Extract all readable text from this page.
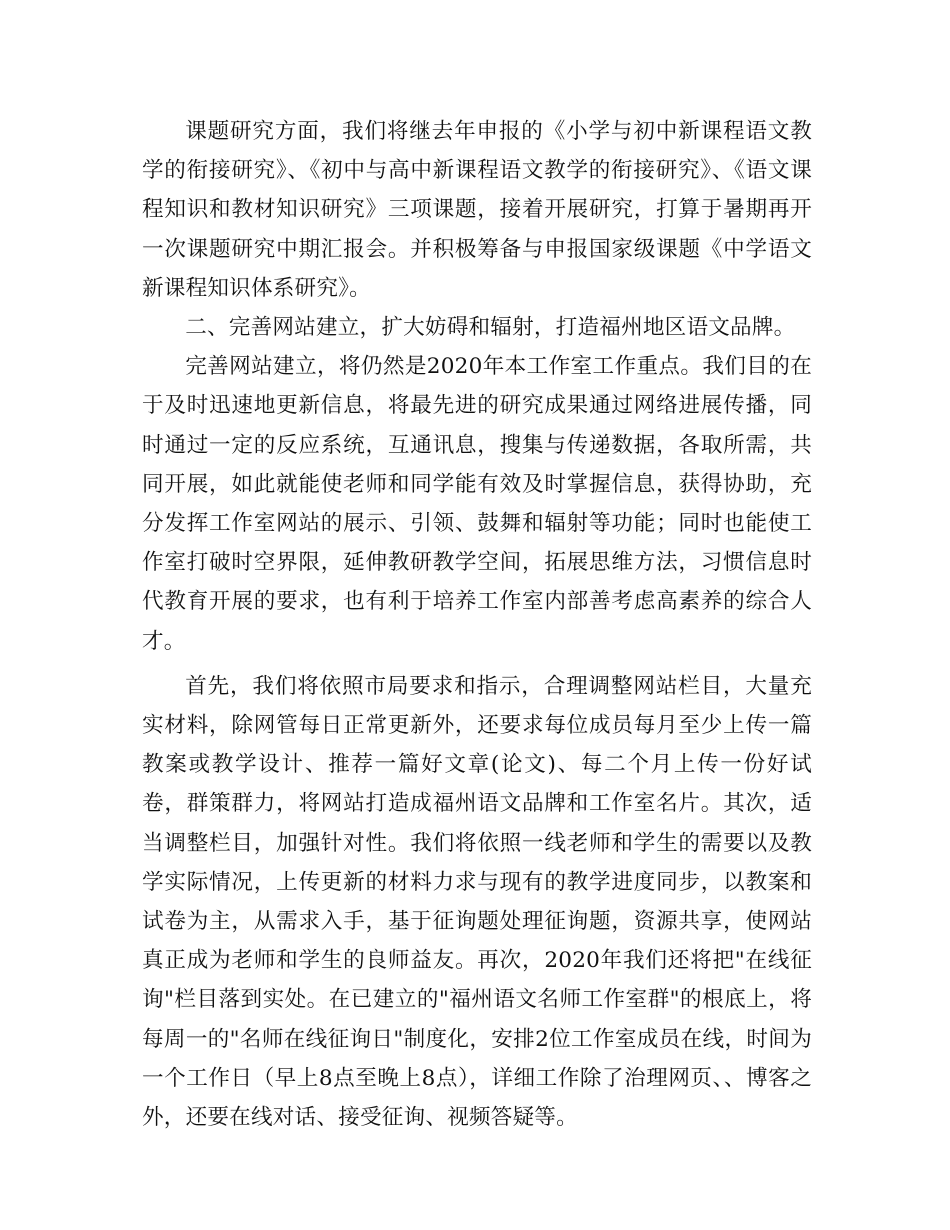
课题研究方面，我们将继去年申报的《小学与初中新课程语文教学的衔接研究》、《初中与高中新课程语文教学的衔接研究》、《语文课程知识和教材知识研究》三项课题，接着开展研究，打算于暑期再开一次课题研究中期汇报会。并积极筹备与申报国家级课题《中学语文新课程知识体系研究》。

二、完善网站建立，扩大妨碍和辐射，打造福州地区语文品牌。

完善网站建立，将仍然是2020年本工作室工作重点。我们目的在于及时迅速地更新信息，将最先进的研究成果通过网络进展传播，同时通过一定的反应系统，互通讯息，搜集与传递数据，各取所需，共同开展，如此就能使老师和同学能有效及时掌握信息，获得协助，充分发挥工作室网站的展示、引领、鼓舞和辐射等功能；同时也能使工作室打破时空界限，延伸教研教学空间，拓展思维方法，习惯信息时代教育开展的要求，也有利于培养工作室内部善考虑高素养的综合人才。

首先，我们将依照市局要求和指示，合理调整网站栏目，大量充实材料，除网管每日正常更新外，还要求每位成员每月至少上传一篇教案或教学设计、推荐一篇好文章(论文)、每二个月上传一份好试卷，群策群力，将网站打造成福州语文品牌和工作室名片。其次，适当调整栏目，加强针对性。我们将依照一线老师和学生的需要以及教学实际情况，上传更新的材料力求与现有的教学进度同步，以教案和试卷为主，从需求入手，基于征询题处理征询题，资源共享，使网站真正成为老师和学生的良师益友。再次，2020年我们还将把"在线征询"栏目落到实处。在已建立的"福州语文名师工作室群"的根底上，将每周一的"名师在线征询日"制度化，安排2位工作室成员在线，时间为一个工作日（早上8点至晚上8点），详细工作除了治理网页、、博客之外，还要在线对话、接受征询、视频答疑等。
